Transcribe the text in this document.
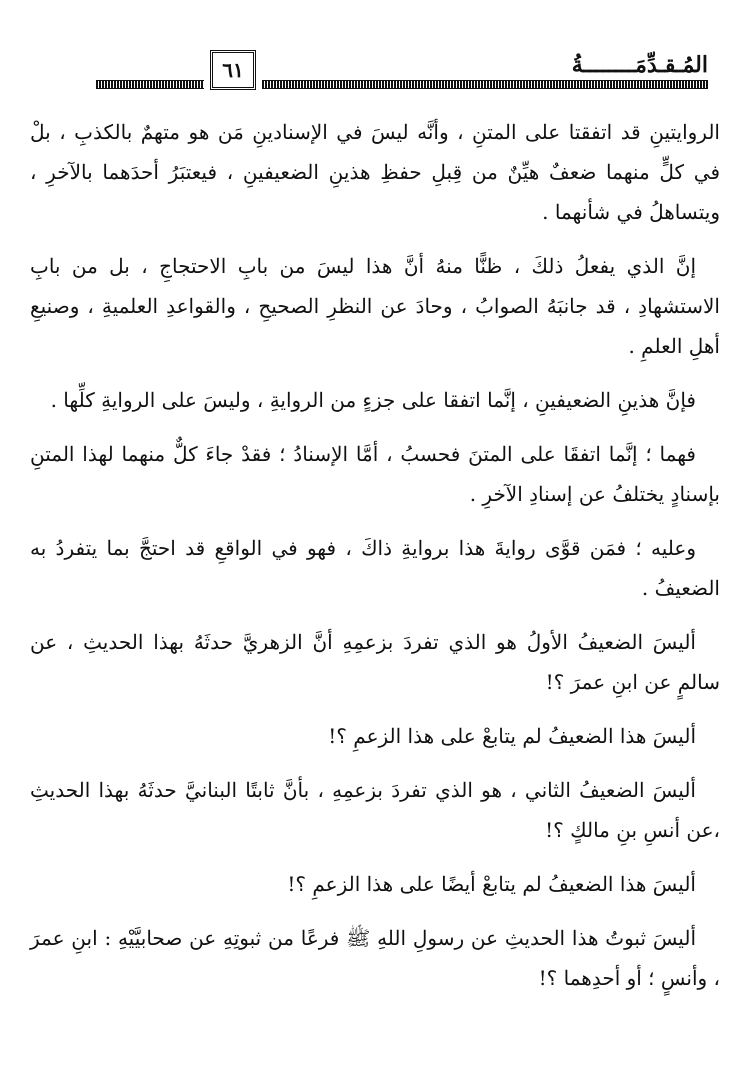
٦١	المُـقـدِّمَــــــــةُ

الروايتينِ قد اتفقتا على المتنِ ، وأنَّه ليسَ في الإسنادينِ مَن هو متهمٌ بالكذبِ ، بلْ في كلٍّ منهما ضعفٌ هيِّنٌ من قِبلِ حفظِ هذينِ الضعيفينِ ، فيعتبَرُ أحدَهما بالآخرِ ، ويتساهلُ في شأنهما .

إنَّ الذي يفعلُ ذلكَ ، ظنًّا منهُ أنَّ هذا ليسَ من بابِ الاحتجاجِ ، بل من بابِ الاستشهادِ ، قد جانبَهُ الصوابُ ، وحادَ عن النظرِ الصحيحِ ، والقواعدِ العلميةِ ، وصنيعِ أهلِ العلمِ .

فإنَّ هذينِ الضعيفينِ ، إنَّما اتفقا على جزءٍ من الروايةِ ، وليسَ على الروايةِ كلِّها .

فهما ؛ إنَّما اتفقَا على المتنَ فحسبُ ، أمَّا الإسنادُ ؛ فقدْ جاءَ كلٌّ منهما لهذا المتنِ بإسنادٍ يختلفُ عن إسنادِ الآخرِ .

وعليه ؛ فمَن قوَّى روايةَ هذا بروايةِ ذاكَ ، فهو في الواقعِ قد احتجَّ بما يتفردُ به الضعيفُ .

أليسَ الضعيفُ الأولُ هو الذي تفردَ بزعمِهِ أنَّ الزهريَّ حدثَهُ بهذا الحديثِ ، عن سالمٍ عن ابنِ عمرَ ؟!

أليسَ هذا الضعيفُ لم يتابعْ على هذا الزعمِ ؟!

أليسَ الضعيفُ الثاني ، هو الذي تفردَ بزعمِهِ ، بأنَّ ثابتًا البنانيَّ حدثَهُ بهذا الحديثِ ،عن أنسِ بنِ مالكٍ ؟!

أليسَ هذا الضعيفُ لم يتابعْ أيضًا على هذا الزعمِ ؟!

أليسَ ثبوتُ هذا الحديثِ عن رسولِ اللهِ ﷺ فرعًا من ثبوتِهِ عن صحابيَّيْهِ : ابنِ عمرَ ، وأنسٍ ؛ أو أحدِهما ؟!
